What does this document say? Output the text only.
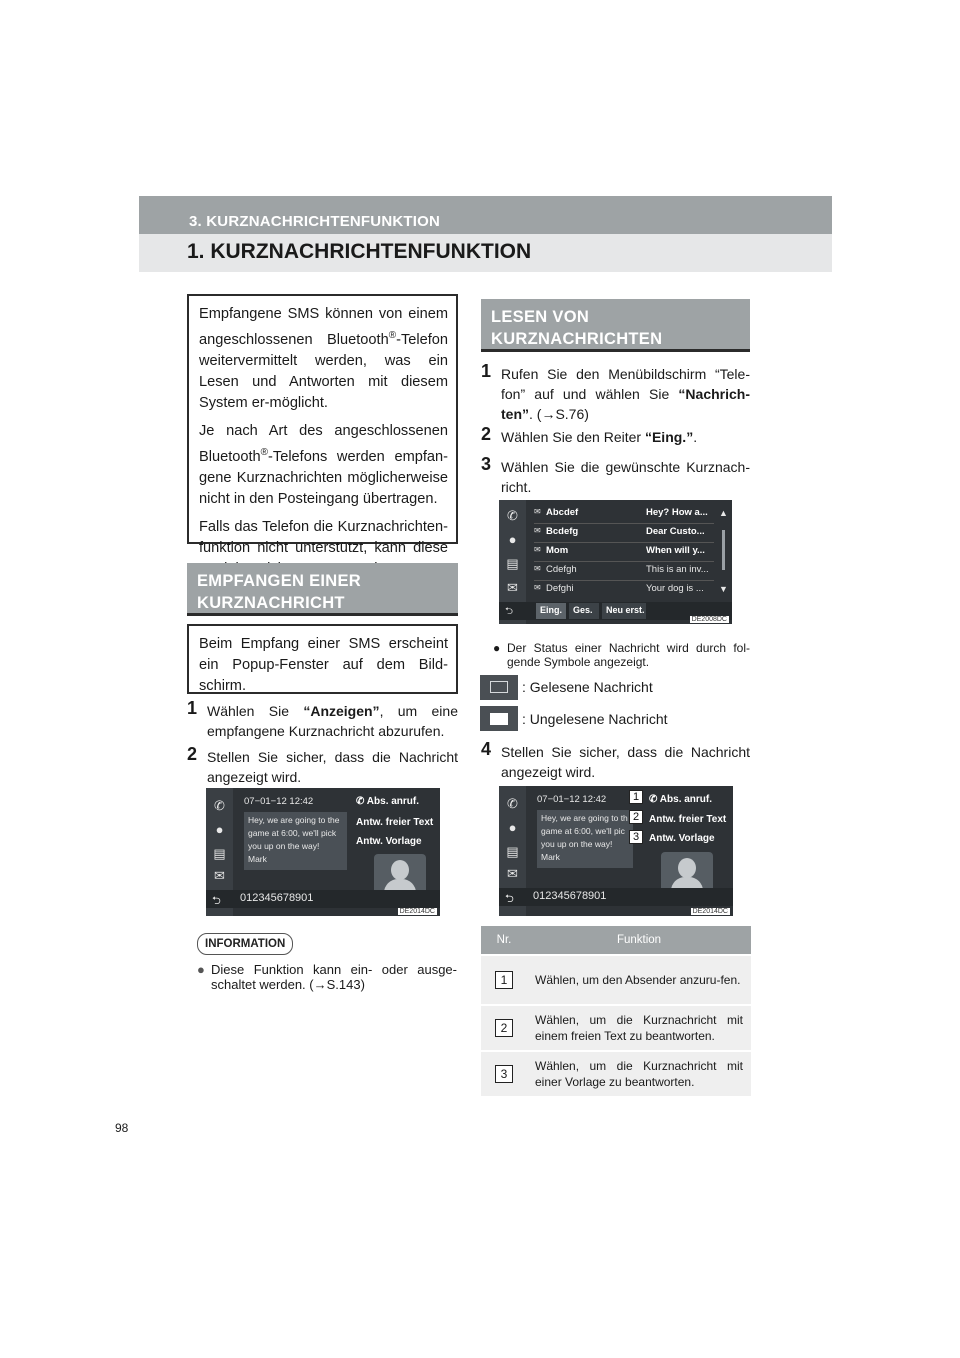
3. KURZNACHRICHTENFUNKTION
1. KURZNACHRICHTENFUNKTION

Empfangene SMS können von einem angeschlossenen Bluetooth®-Telefon weitervermittelt werden, was ein Lesen und Antworten mit diesem System er-möglicht.

Je nach Art des angeschlossenen Bluetooth®-Telefons werden empfan-gene Kurznachrichten möglicherweise nicht in den Posteingang übertragen.

Falls das Telefon die Kurznachrichten-funktion nicht unterstützt, kann diese

EMPFANGEN EINER KURZNACHRICHT
Beim Empfang einer SMS erscheint ein Popup-Fenster auf dem Bild-schirm.
1 Wählen Sie “Anzeigen”, um eine empfangene Kurznachricht abzurufen.
2 Stellen Sie sicher, dass die Nachricht angezeigt wird.
✆
●
▤
✉
07−01−12 12:42
Hey, we are going to the
game at 6:00, we'll pick
you up on the way!
Mark
✆ Abs. anruf.
Antw. freier Text
Antw. Vorlage
⮌ 012345678901
DE2014DC
INFORMATION
● Diese Funktion kann ein- oder ausge-schaltet werden. (→S.143)
LESEN VON KURZNACHRICHTEN
1 Rufen Sie den Menübildschirm “Tele-fon” auf und wählen Sie “Nachrich-ten”. (→S.76)
2 Wählen Sie den Reiter “Eing.”.
3 Wählen Sie die gewünschte Kurznach-richt.
✆
●
▤
✉
✉ Abcdef	Hey? How a...
✉ Bcdefg	Dear Custo...
✉ Mom	When will y...
✉ Cdefgh	This is an inv...
✉ Defghi	Your dog is ...
▲
▼
⮌	Eing. Ges. Neu erst.
DE2008DC
● Der Status einer Nachricht wird durch fol-gende Symbole angezeigt.
: Gelesene Nachricht
: Ungelesene Nachricht
4 Stellen Sie sicher, dass die Nachricht angezeigt wird.
✆
●
▤
✉
07−01−12 12:42
Hey, we are going to th
game at 6:00, we'll pic
you up on the way!
Mark
1
2
3
✆ Abs. anruf.
Antw. freier Text
Antw. Vorlage
⮌ 012345678901
DE2014DC
Nr.	Funktion
1	Wählen, um den Absender anzuru-fen.
2	Wählen, um die Kurznachricht mit einem freien Text zu beantworten.
3	Wählen, um die Kurznachricht mit einer Vorlage zu beantworten.
98
